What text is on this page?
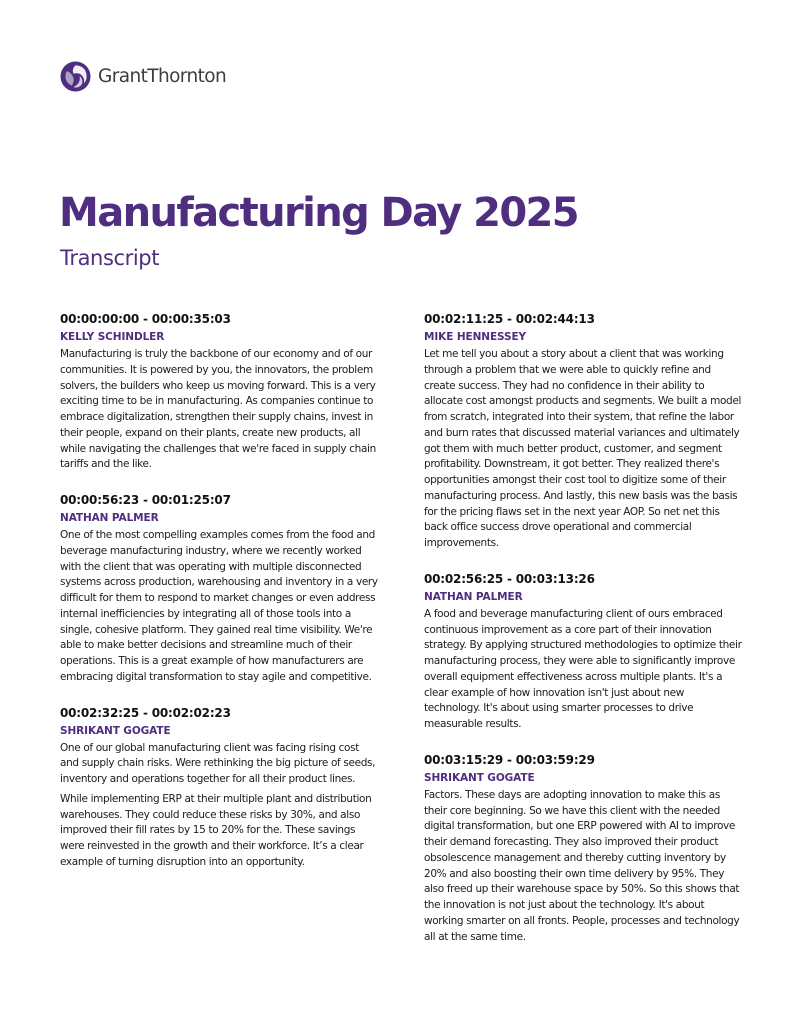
GrantThornton
Manufacturing Day 2025
Transcript
00:00:00:00 - 00:00:35:03
KELLY SCHINDLER

Manufacturing is truly the backbone of our economy and of our communities. It is powered by you, the innovators, the problem solvers, the builders who keep us moving forward. This is a very exciting time to be in manufacturing. As companies continue to embrace digitalization, strengthen their supply chains, invest in their people, expand on their plants, create new products, all while navigating the challenges that we're faced in supply chain tariffs and the like.

00:00:56:23 - 00:01:25:07
NATHAN PALMER

One of the most compelling examples comes from the food and beverage manufacturing industry, where we recently worked with the client that was operating with multiple disconnected systems across production, warehousing and inventory in a very difficult for them to respond to market changes or even address internal inefficiencies by integrating all of those tools into a single, cohesive platform. They gained real time visibility. We're able to make better decisions and streamline much of their operations. This is a great example of how manufacturers are embracing digital transformation to stay agile and competitive.

00:02:32:25 - 00:02:02:23
SHRIKANT GOGATE

One of our global manufacturing client was facing rising cost and supply chain risks. Were rethinking the big picture of seeds, inventory and operations together for all their product lines.

While implementing ERP at their multiple plant and distribution warehouses. They could reduce these risks by 30%, and also improved their fill rates by 15 to 20% for the. These savings were reinvested in the growth and their workforce. It’s a clear example of turning disruption into an opportunity.

00:02:11:25 - 00:02:44:13
MIKE HENNESSEY

Let me tell you about a story about a client that was working through a problem that we were able to quickly refine and create success. They had no confidence in their ability to allocate cost amongst products and segments. We built a model from scratch, integrated into their system, that refine the labor and burn rates that discussed material variances and ultimately got them with much better product, customer, and segment profitability. Downstream, it got better. They realized there's opportunities amongst their cost tool to digitize some of their manufacturing process. And lastly, this new basis was the basis for the pricing flaws set in the next year AOP. So net net this back office success drove operational and commercial improvements.

00:02:56:25 - 00:03:13:26
NATHAN PALMER

A food and beverage manufacturing client of ours embraced continuous improvement as a core part of their innovation strategy. By applying structured methodologies to optimize their manufacturing process, they were able to significantly improve overall equipment effectiveness across multiple plants. It's a clear example of how innovation isn't just about new technology. It's about using smarter processes to drive measurable results.

00:03:15:29 - 00:03:59:29
SHRIKANT GOGATE

Factors. These days are adopting innovation to make this as their core beginning. So we have this client with the needed digital transformation, but one ERP powered with AI to improve their demand forecasting. They also improved their product obsolescence management and thereby cutting inventory by 20% and also boosting their own time delivery by 95%. They also freed up their warehouse space by 50%. So this shows that the innovation is not just about the technology. It's about working smarter on all fronts. People, processes and technology all at the same time.
